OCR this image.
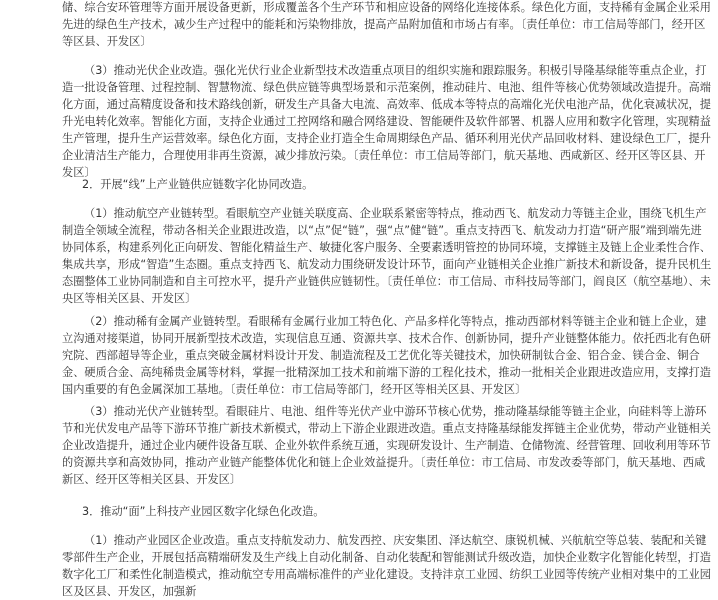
储、综合安环管理等方面开展设备更新，形成覆盖各个生产环节和相应设备的网络化连接体系。绿色化方面，支持稀有金属企业采用先进的绿色生产技术，减少生产过程中的能耗和污染物排放，提高产品附加值和市场占有率。〔责任单位：市工信局等部门，经开区等区县、开发区〕

（3）推动光伏企业改造。强化光伏行业企业新型技术改造重点项目的组织实施和跟踪服务。积极引导隆基绿能等重点企业，打造一批设备管理、过程控制、智慧物流、绿色供应链等典型场景和示范案例，推动硅片、电池、组件等核心优势领域改造提升。高端化方面，通过高精度设备和技术路线创新，研发生产具备大电流、高效率、低成本等特点的高端化光伏电池产品，优化衰减状况，提升光电转化效率。智能化方面，支持企业通过工控网络和融合网络建设、智能硬件及软件部署、机器人应用和数字化管理，实现精益生产管理，提升生产运营效率。绿色化方面，支持企业打造全生命周期绿色产品、循环利用光伏产品回收材料、建设绿色工厂，提升企业清洁生产能力，合理使用非再生资源，减少排放污染。〔责任单位：市工信局等部门，航天基地、西咸新区、经开区等区县、开发区〕

2．开展“线”上产业链供应链数字化协同改造。

（1）推动航空产业链转型。看眼航空产业链关联度高、企业联系紧密等特点，推动西飞、航发动力等链主企业，围绕飞机生产制造全领域全流程，带动各相关企业跟进改造，以“点”促“链”，强“点”健“链”。重点支持西飞、航发动力打造“研产服”端到端先进协同体系，构建系列化正向研发、智能化精益生产、敏捷化客户服务、全要素透明管控的协同环境，支撑链主及链上企业柔性合作、集成共享，形成“智造”生态圈。重点支持西飞、航发动力围绕研发设计环节，面向产业链相关企业推广新技术和新设备，提升民机生态圈整体工业协同制造和自主可控水平，提升产业链供应链韧性。〔责任单位：市工信局、市科技局等部门，阎良区（航空基地）、未央区等相关区县、开发区〕

（2）推动稀有金属产业链转型。看眼稀有金属行业加工特色化、产品多样化等特点，推动西部材料等链主企业和链上企业，建立沟通对接渠道，协同开展新型技术改造，实现信息互通、资源共享、技术合作、创新协同，提升产业链整体能力。依托西北有色研究院、西部超导等企业，重点突破金属材料设计开发、制造流程及工艺优化等关键技术，加快研制钛合金、铝合金、镁合金、铜合金、硬质合金、高纯稀贵金属等材料，掌握一批精深加工技术和前端下游的工程化技术，推动一批相关企业跟进改造应用，支撑打造国内重要的有色金属深加工基地。〔责任单位：市工信局等部门，经开区等相关区县、开发区〕

（3）推动光伏产业链转型。看眼硅片、电池、组件等光伏产业中游环节核心优势，推动隆基绿能等链主企业，向硅料等上游环节和光伏发电产品等下游环节推广新技术新模式，带动上下游企业跟进改造。重点支持隆基绿能发挥链主企业优势，带动产业链相关企业改造提升，通过企业内硬件设备互联、企业外软件系统互通，实现研发设计、生产制造、仓储物流、经营管理、回收利用等环节的资源共享和高效协同，推动产业链产能整体优化和链上企业效益提升。〔责任单位：市工信局、市发改委等部门，航天基地、西咸新区、经开区等相关区县、开发区〕

3．推动“面”上科技产业园区数字化绿色化改造。

（1）推动产业园区企业改造。重点支持航发动力、航发西控、庆安集团、泽达航空、康锐机械、兴航航空等总装、装配和关键零部件生产企业，开展包括高精端研发及生产线上自动化制备、自动化装配和智能测试升级改造，加快企业数字化智能化转型，打造数字化工厂和柔性化制造模式，推动航空专用高端标准件的产业化建设。支持沣京工业园、纺织工业园等传统产业相对集中的工业园区及区县、开发区，加强新
